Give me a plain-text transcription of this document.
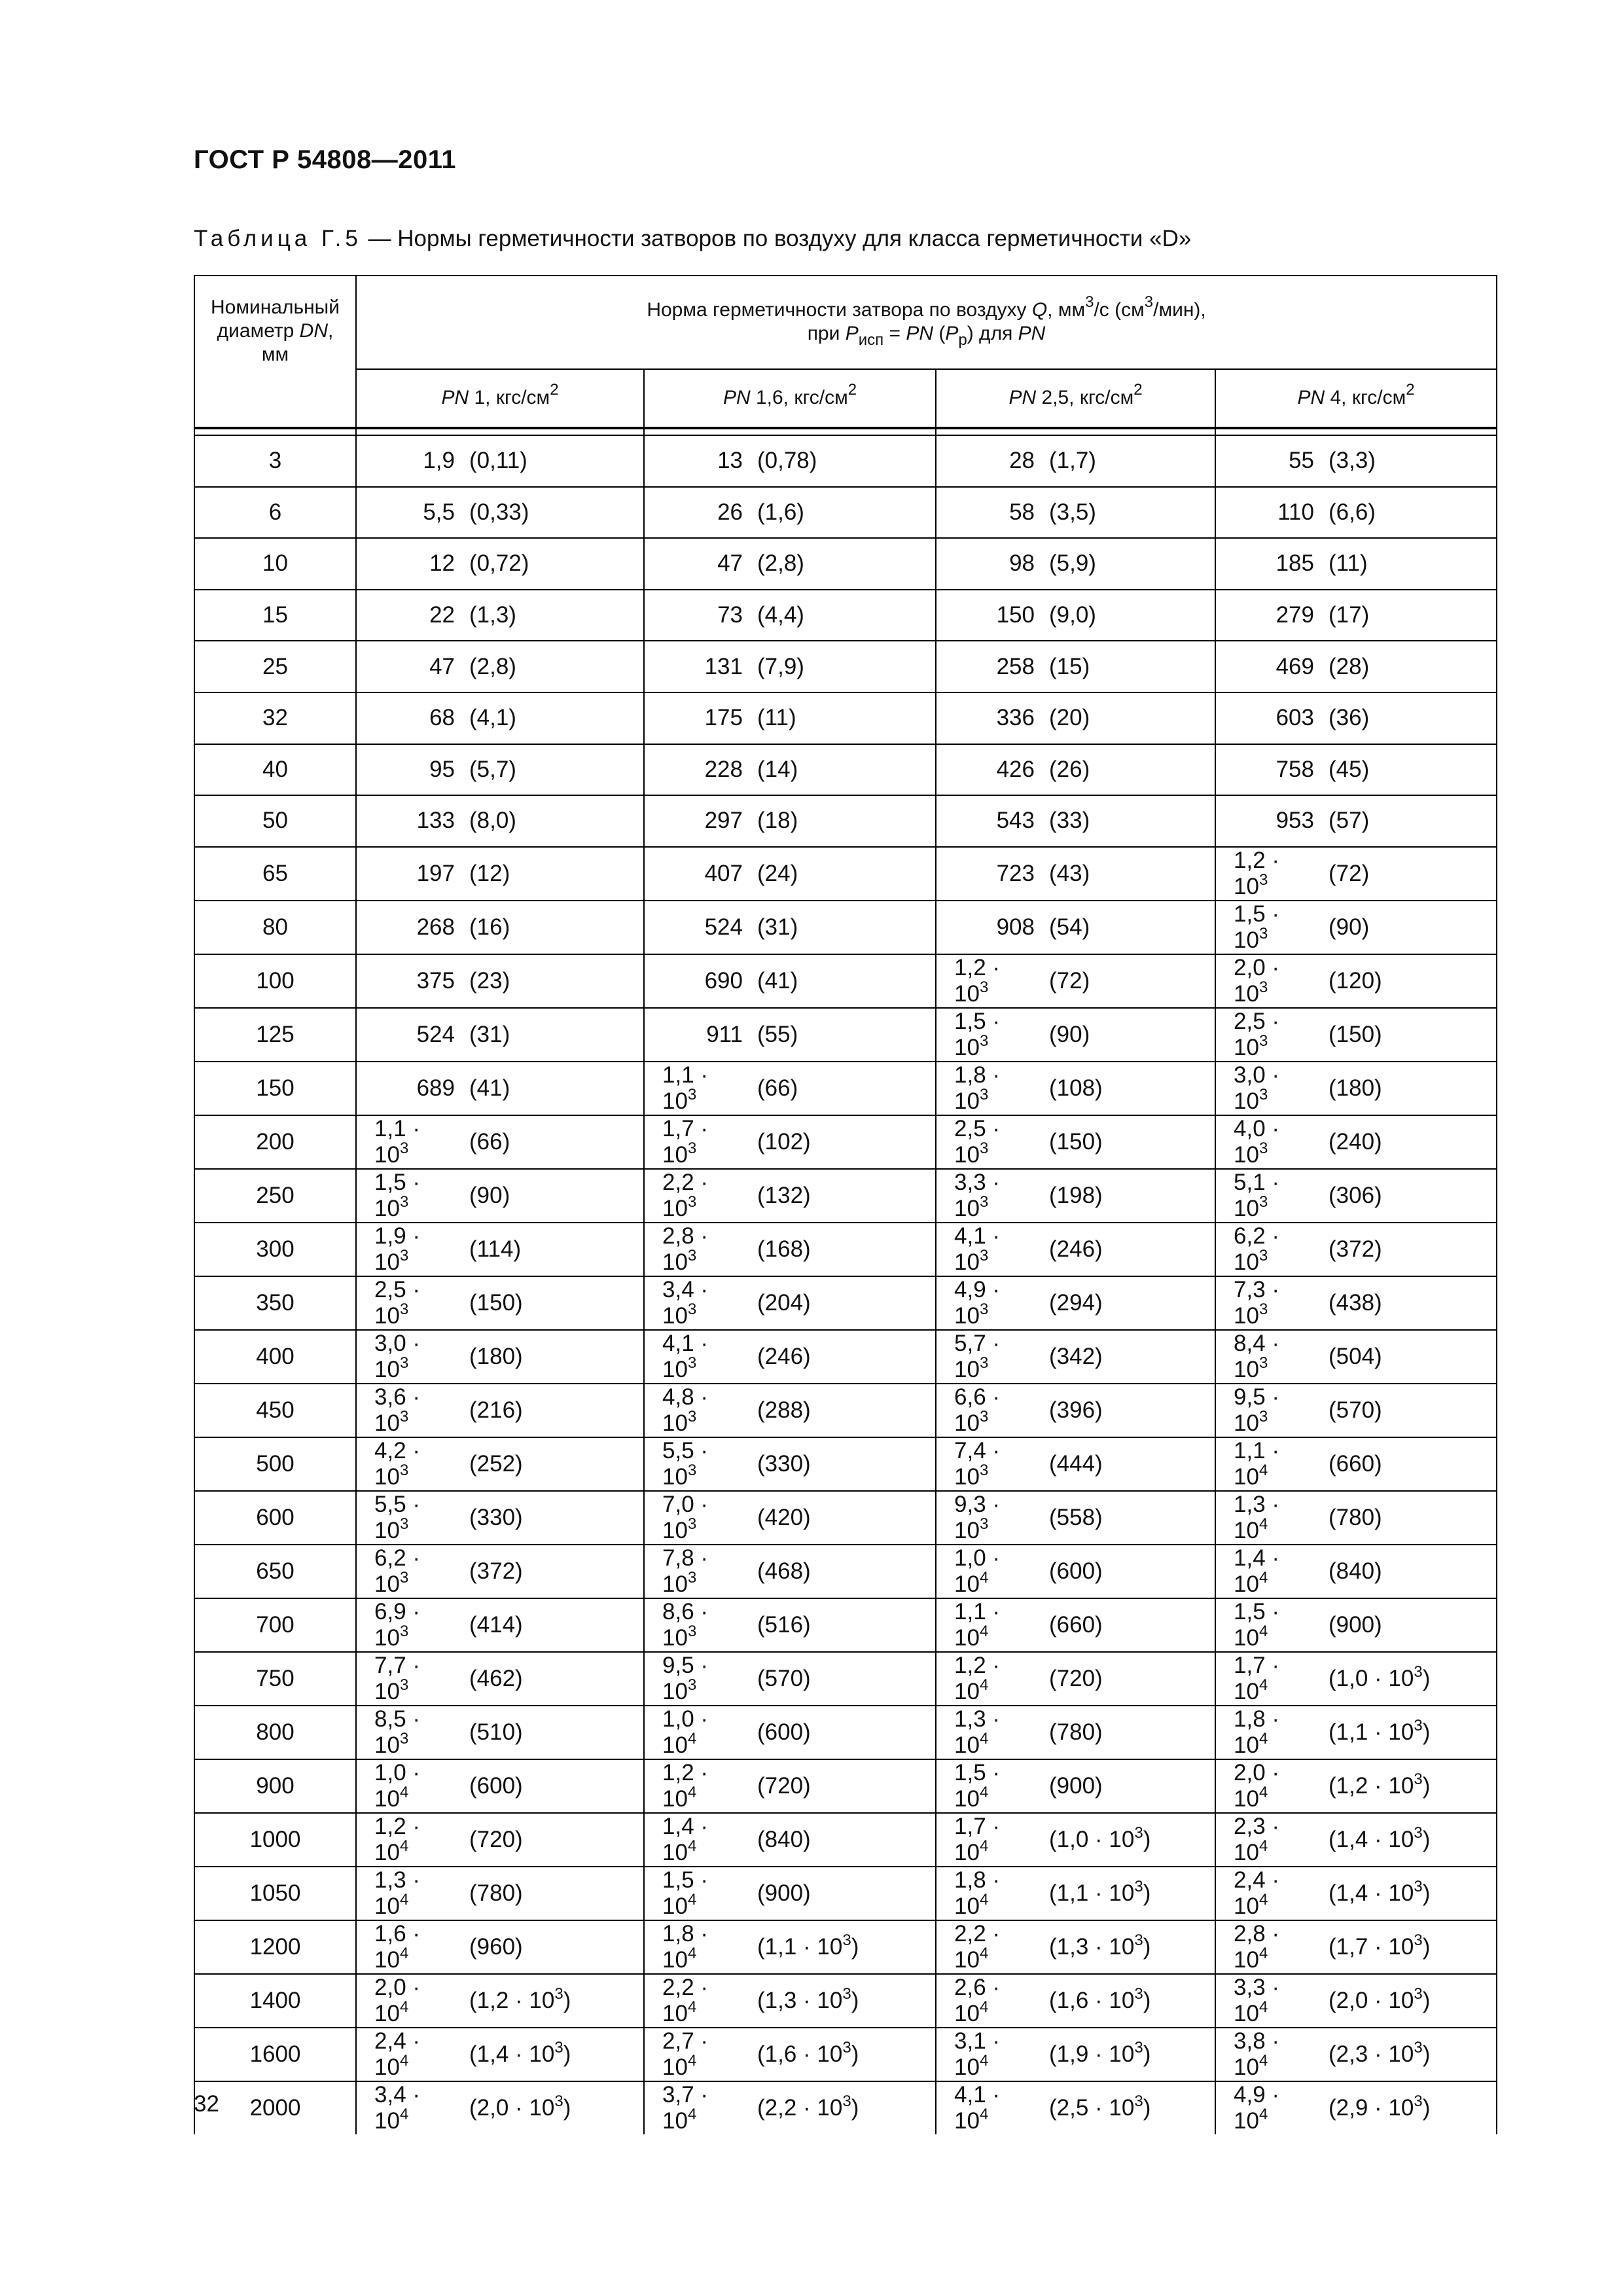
ГОСТ Р 54808—2011
Таблица Г.5 — Нормы герметичности затворов по воздуху для класса герметичности «D»
Номинальный
диаметр DN,
мм	Норма герметичности затвора по воздуху Q, $мм^3/с$ $(см^3/мин)$,
при $P_{исп}$ = PN $(P_р)$ для PN			
	PN 1, кгс/$см^2$	PN 1,6, кгс/$см^2$	PN 2,5, кгс/$см^2$	PN 4, кгс/$см^2$

3	1,9 (0,11)	13 (0,78)	28 (1,7)	55 (3,3)

6	5,5 (0,33)	26 (1,6)	58 (3,5)	110 (6,6)

10	12 (0,72)	47 (2,8)	98 (5,9)	185 (11)

15	22 (1,3)	73 (4,4)	150 (9,0)	279 (17)

25	47 (2,8)	131 (7,9)	258 (15)	469 (28)

32	68 (4,1)	175 (11)	336 (20)	603 (36)

40	95 (5,7)	228 (14)	426 (26)	758 (45)

50	133 (8,0)	297 (18)	543 (33)	953 (57)

65	197 (12)	407 (24)	723 (43)	$1,2 \cdot 10^3$ (72)

80	268 (16)	524 (31)	908 (54)	$1,5 \cdot 10^3$ (90)

100	375 (23)	690 (41)	$1,2 \cdot 10^3$ (72)	$2,0 \cdot 10^3$ (120)

125	524 (31)	911 (55)	$1,5 \cdot 10^3$ (90)	$2,5 \cdot 10^3$ (150)

150	689 (41)	$1,1 \cdot 10^3$ (66)	$1,8 \cdot 10^3$ (108)	$3,0 \cdot 10^3$ (180)

200	$1,1 \cdot 10^3$ (66)	$1,7 \cdot 10^3$ (102)	$2,5 \cdot 10^3$ (150)	$4,0 \cdot 10^3$ (240)

250	$1,5 \cdot 10^3$ (90)	$2,2 \cdot 10^3$ (132)	$3,3 \cdot 10^3$ (198)	$5,1 \cdot 10^3$ (306)

300	$1,9 \cdot 10^3$ (114)	$2,8 \cdot 10^3$ (168)	$4,1 \cdot 10^3$ (246)	$6,2 \cdot 10^3$ (372)

350	$2,5 \cdot 10^3$ (150)	$3,4 \cdot 10^3$ (204)	$4,9 \cdot 10^3$ (294)	$7,3 \cdot 10^3$ (438)

400	$3,0 \cdot 10^3$ (180)	$4,1 \cdot 10^3$ (246)	$5,7 \cdot 10^3$ (342)	$8,4 \cdot 10^3$ (504)

450	$3,6 \cdot 10^3$ (216)	$4,8 \cdot 10^3$ (288)	$6,6 \cdot 10^3$ (396)	$9,5 \cdot 10^3$ (570)

500	$4,2 \cdot 10^3$ (252)	$5,5 \cdot 10^3$ (330)	$7,4 \cdot 10^3$ (444)	$1,1 \cdot 10^4$ (660)

600	$5,5 \cdot 10^3$ (330)	$7,0 \cdot 10^3$ (420)	$9,3 \cdot 10^3$ (558)	$1,3 \cdot 10^4$ (780)

650	$6,2 \cdot 10^3$ (372)	$7,8 \cdot 10^3$ (468)	$1,0 \cdot 10^4$ (600)	$1,4 \cdot 10^4$ (840)

700	$6,9 \cdot 10^3$ (414)	$8,6 \cdot 10^3$ (516)	$1,1 \cdot 10^4$ (660)	$1,5 \cdot 10^4$ (900)

750	$7,7 \cdot 10^3$ (462)	$9,5 \cdot 10^3$ (570)	$1,2 \cdot 10^4$ (720)	$1,7 \cdot 10^4$ $(1,0 \cdot 10^3)$

800	$8,5 \cdot 10^3$ (510)	$1,0 \cdot 10^4$ (600)	$1,3 \cdot 10^4$ (780)	$1,8 \cdot 10^4$ $(1,1 \cdot 10^3)$

900	$1,0 \cdot 10^4$ (600)	$1,2 \cdot 10^4$ (720)	$1,5 \cdot 10^4$ (900)	$2,0 \cdot 10^4$ $(1,2 \cdot 10^3)$

1000	$1,2 \cdot 10^4$ (720)	$1,4 \cdot 10^4$ (840)	$1,7 \cdot 10^4$ $(1,0 \cdot 10^3)$	$2,3 \cdot 10^4$ $(1,4 \cdot 10^3)$

1050	$1,3 \cdot 10^4$ (780)	$1,5 \cdot 10^4$ (900)	$1,8 \cdot 10^4$ $(1,1 \cdot 10^3)$	$2,4 \cdot 10^4$ $(1,4 \cdot 10^3)$

1200	$1,6 \cdot 10^4$ (960)	$1,8 \cdot 10^4$ $(1,1 \cdot 10^3)$	$2,2 \cdot 10^4$ $(1,3 \cdot 10^3)$	$2,8 \cdot 10^4$ $(1,7 \cdot 10^3)$

1400	$2,0 \cdot 10^4$ $(1,2 \cdot 10^3)$	$2,2 \cdot 10^4$ $(1,3 \cdot 10^3)$	$2,6 \cdot 10^4$ $(1,6 \cdot 10^3)$	$3,3 \cdot 10^4$ $(2,0 \cdot 10^3)$

1600	$2,4 \cdot 10^4$ $(1,4 \cdot 10^3)$	$2,7 \cdot 10^4$ $(1,6 \cdot 10^3)$	$3,1 \cdot 10^4$ $(1,9 \cdot 10^3)$	$3,8 \cdot 10^4$ $(2,3 \cdot 10^3)$

2000	$3,4 \cdot 10^4$ $(2,0 \cdot 10^3)$	$3,7 \cdot 10^4$ $(2,2 \cdot 10^3)$	$4,1 \cdot 10^4$ $(2,5 \cdot 10^3)$	$4,9 \cdot 10^4$ $(2,9 \cdot 10^3)$
32
